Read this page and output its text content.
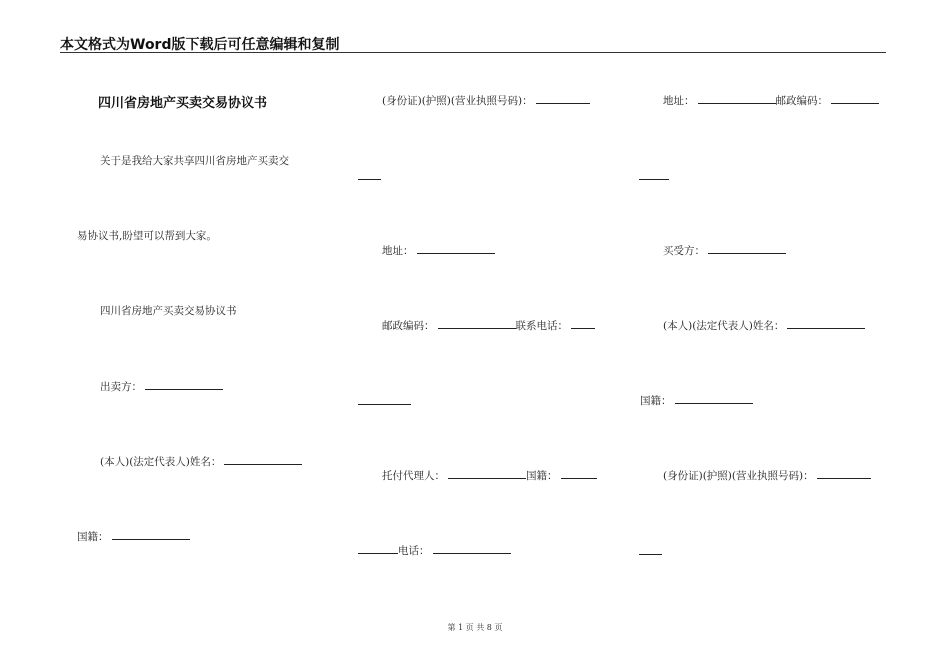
本文格式为Word版下载后可任意编辑和复制
四川省房地产买卖交易协议书
关于是我给大家共享四川省房地产买卖交
易协议书,盼望可以帮到大家。
四川省房地产买卖交易协议书
出卖方：
(本人)(法定代表人)姓名：
国籍：
(身份证)(护照)(营业执照号码)：
地址：
邮政编码：	联系电话：
托付代理人：	国籍：
电话：
地址：	邮政编码：
买受方：
(本人)(法定代表人)姓名：
国籍：
(身份证)(护照)(营业执照号码)：
第 1 页 共 8 页
